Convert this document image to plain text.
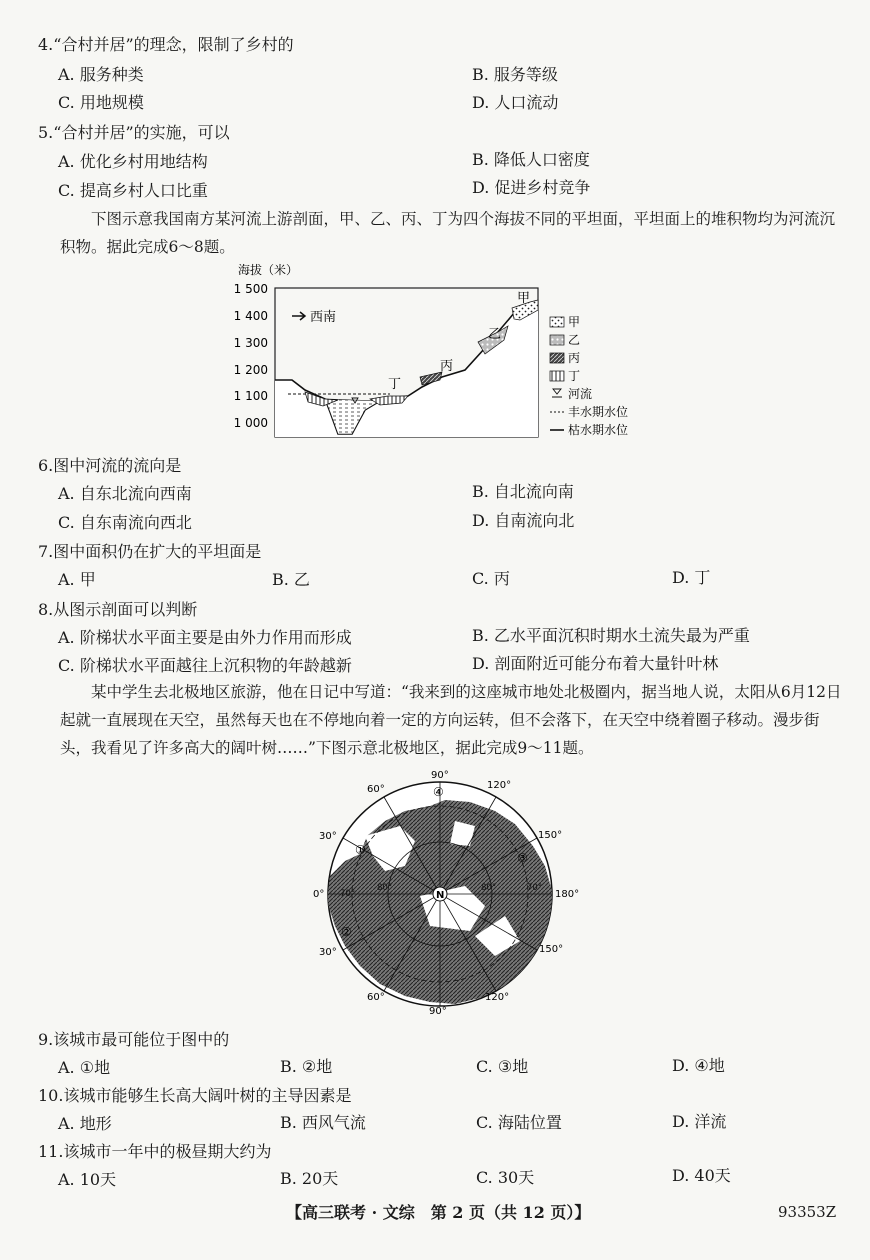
4.“合村并居”的理念，限制了乡村的
A. 服务种类	B. 服务等级
C. 用地规模	D. 人口流动
5.“合村并居”的实施，可以
A. 优化乡村用地结构	B. 降低人口密度
C. 提高乡村人口比重	D. 促进乡村竞争
下图示意我国南方某河流上游剖面，甲、乙、丙、丁为四个海拔不同的平坦面，平坦面上的堆积物均为河流沉积物。据此完成6～8题。
海拔（米）
1 500
1 400
1 300
1 200
1 100
1 000
丁
丙
乙
甲
西南	甲
乙
丙
丁
河流
丰水期水位
枯水期水位
6.图中河流的流向是
A. 自东北流向西南	B. 自北流向南
C. 自东南流向西北	D. 自南流向北
7.图中面积仍在扩大的平坦面是
A. 甲	B. 乙	C. 丙	D. 丁
8.从图示剖面可以判断
A. 阶梯状水平面主要是由外力作用而形成	B. 乙水平面沉积时期水土流失最为严重
C. 阶梯状水平面越往上沉积物的年龄越新	D. 剖面附近可能分布着大量针叶林
某中学生去北极地区旅游，他在日记中写道：“我来到的这座城市地处北极圈内，据当地人说，太阳从6月12日起就一直展现在天空，虽然每天也在不停地向着一定的方向运转，但不会落下，在天空中绕着圈子移动。漫步街头，我看见了许多高大的阔叶树……”下图示意北极地区，据此完成9～11题。
N
90°
120°
150°
180°
150°
120°
90°
60°
30°
0°
30°
60°
70°
80°	80°	70°
①
②
③
④
9.该城市最可能位于图中的
A. ①地	B. ②地	C. ③地	D. ④地
10.该城市能够生长高大阔叶树的主导因素是
A. 地形	B. 西风气流	C. 海陆位置	D. 洋流
11.该城市一年中的极昼期大约为
A. 10天	B. 20天	C. 30天	D. 40天
【高三联考 · 文综　第 2 页（共 12 页）】	93353Z
